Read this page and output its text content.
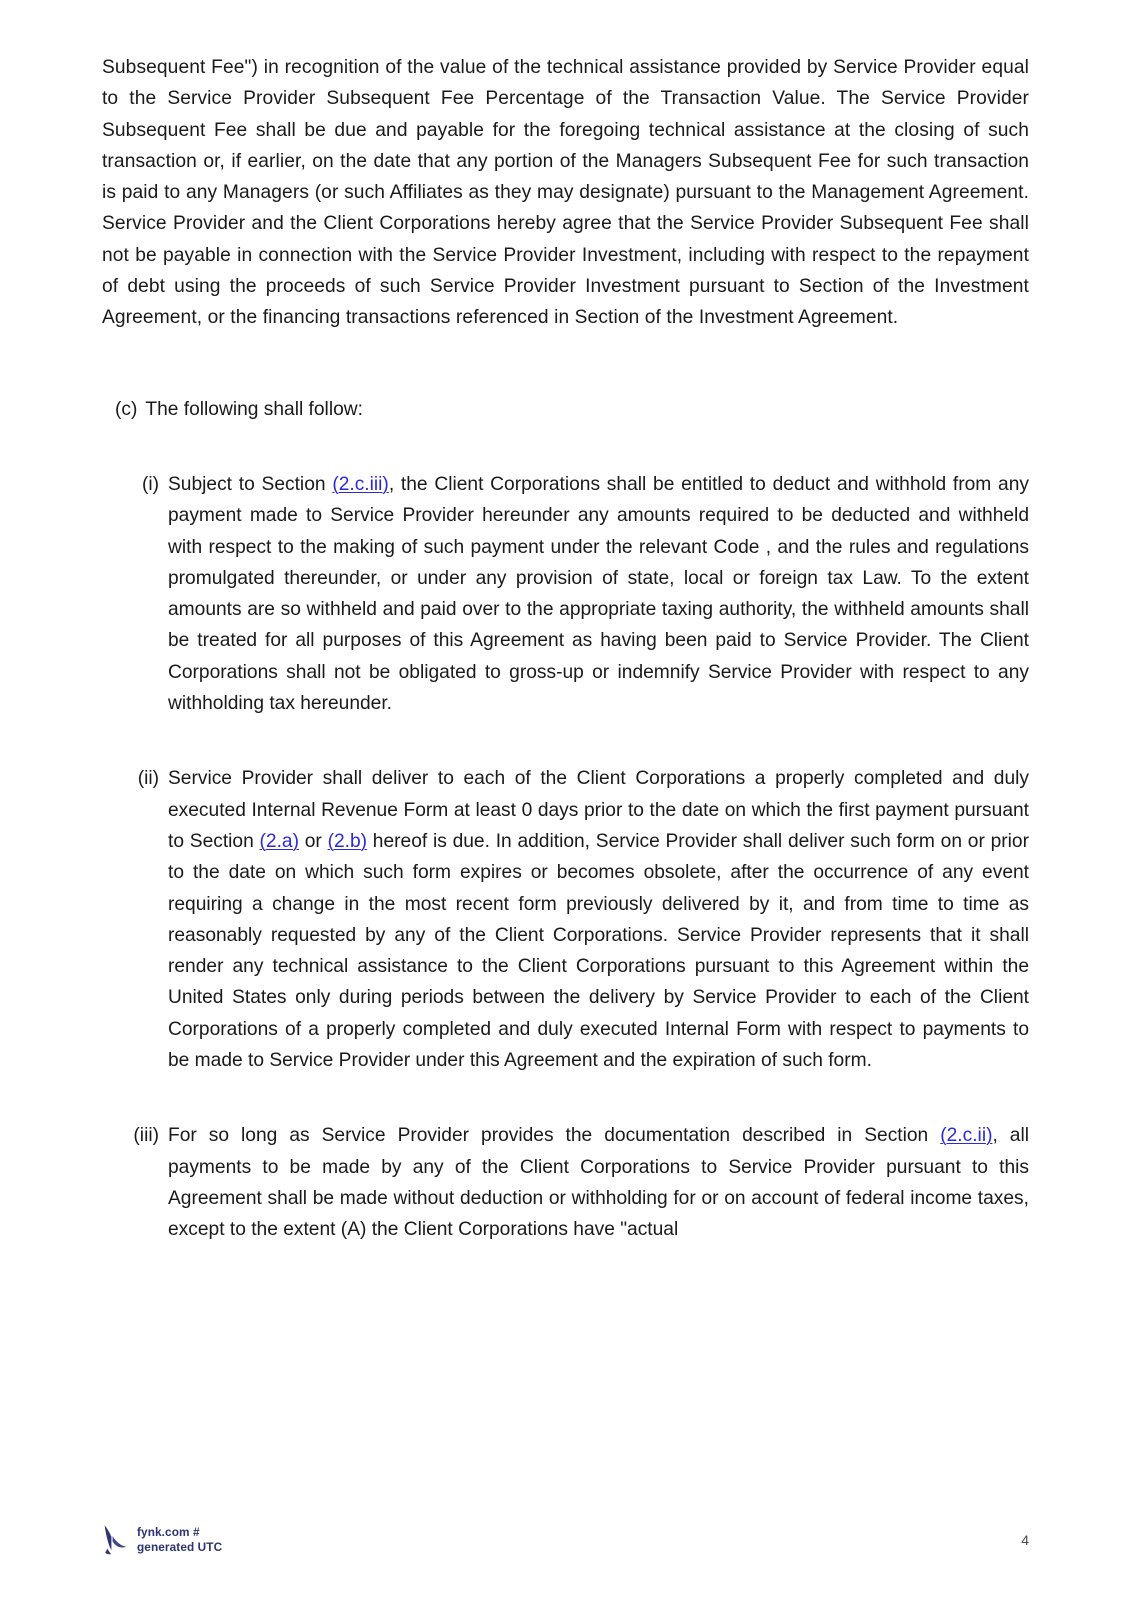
Subsequent Fee") in recognition of the value of the technical assistance provided by Service Provider equal to the Service Provider Subsequent Fee Percentage of the Transaction Value. The Service Provider Subsequent Fee shall be due and payable for the foregoing technical assistance at the closing of such transaction or, if earlier, on the date that any portion of the Managers Subsequent Fee for such transaction is paid to any Managers (or such Affiliates as they may designate) pursuant to the Management Agreement. Service Provider and the Client Corporations hereby agree that the Service Provider Subsequent Fee shall not be payable in connection with the Service Provider Investment, including with respect to the repayment of debt using the proceeds of such Service Provider Investment pursuant to Section of the Investment Agreement, or the financing transactions referenced in Section of the Investment Agreement.

(c) The following shall follow:
(i) Subject to Section (2.c.iii), the Client Corporations shall be entitled to deduct and withhold from any payment made to Service Provider hereunder any amounts required to be deducted and withheld with respect to the making of such payment under the relevant Code , and the rules and regulations promulgated thereunder, or under any provision of state, local or foreign tax Law. To the extent amounts are so withheld and paid over to the appropriate taxing authority, the withheld amounts shall be treated for all purposes of this Agreement as having been paid to Service Provider. The Client Corporations shall not be obligated to gross-up or indemnify Service Provider with respect to any withholding tax hereunder.
(ii) Service Provider shall deliver to each of the Client Corporations a properly completed and duly executed Internal Revenue Form at least 0 days prior to the date on which the first payment pursuant to Section (2.a) or (2.b) hereof is due. In addition, Service Provider shall deliver such form on or prior to the date on which such form expires or becomes obsolete, after the occurrence of any event requiring a change in the most recent form previously delivered by it, and from time to time as reasonably requested by any of the Client Corporations. Service Provider represents that it shall render any technical assistance to the Client Corporations pursuant to this Agreement within the United States only during periods between the delivery by Service Provider to each of the Client Corporations of a properly completed and duly executed Internal Form with respect to payments to be made to Service Provider under this Agreement and the expiration of such form.
(iii) For so long as Service Provider provides the documentation described in Section (2.c.ii), all payments to be made by any of the Client Corporations to Service Provider pursuant to this Agreement shall be made without deduction or withholding for or on account of federal income taxes, except to the extent (A) the Client Corporations have "actual
fynk.com #
generated UTC	4
